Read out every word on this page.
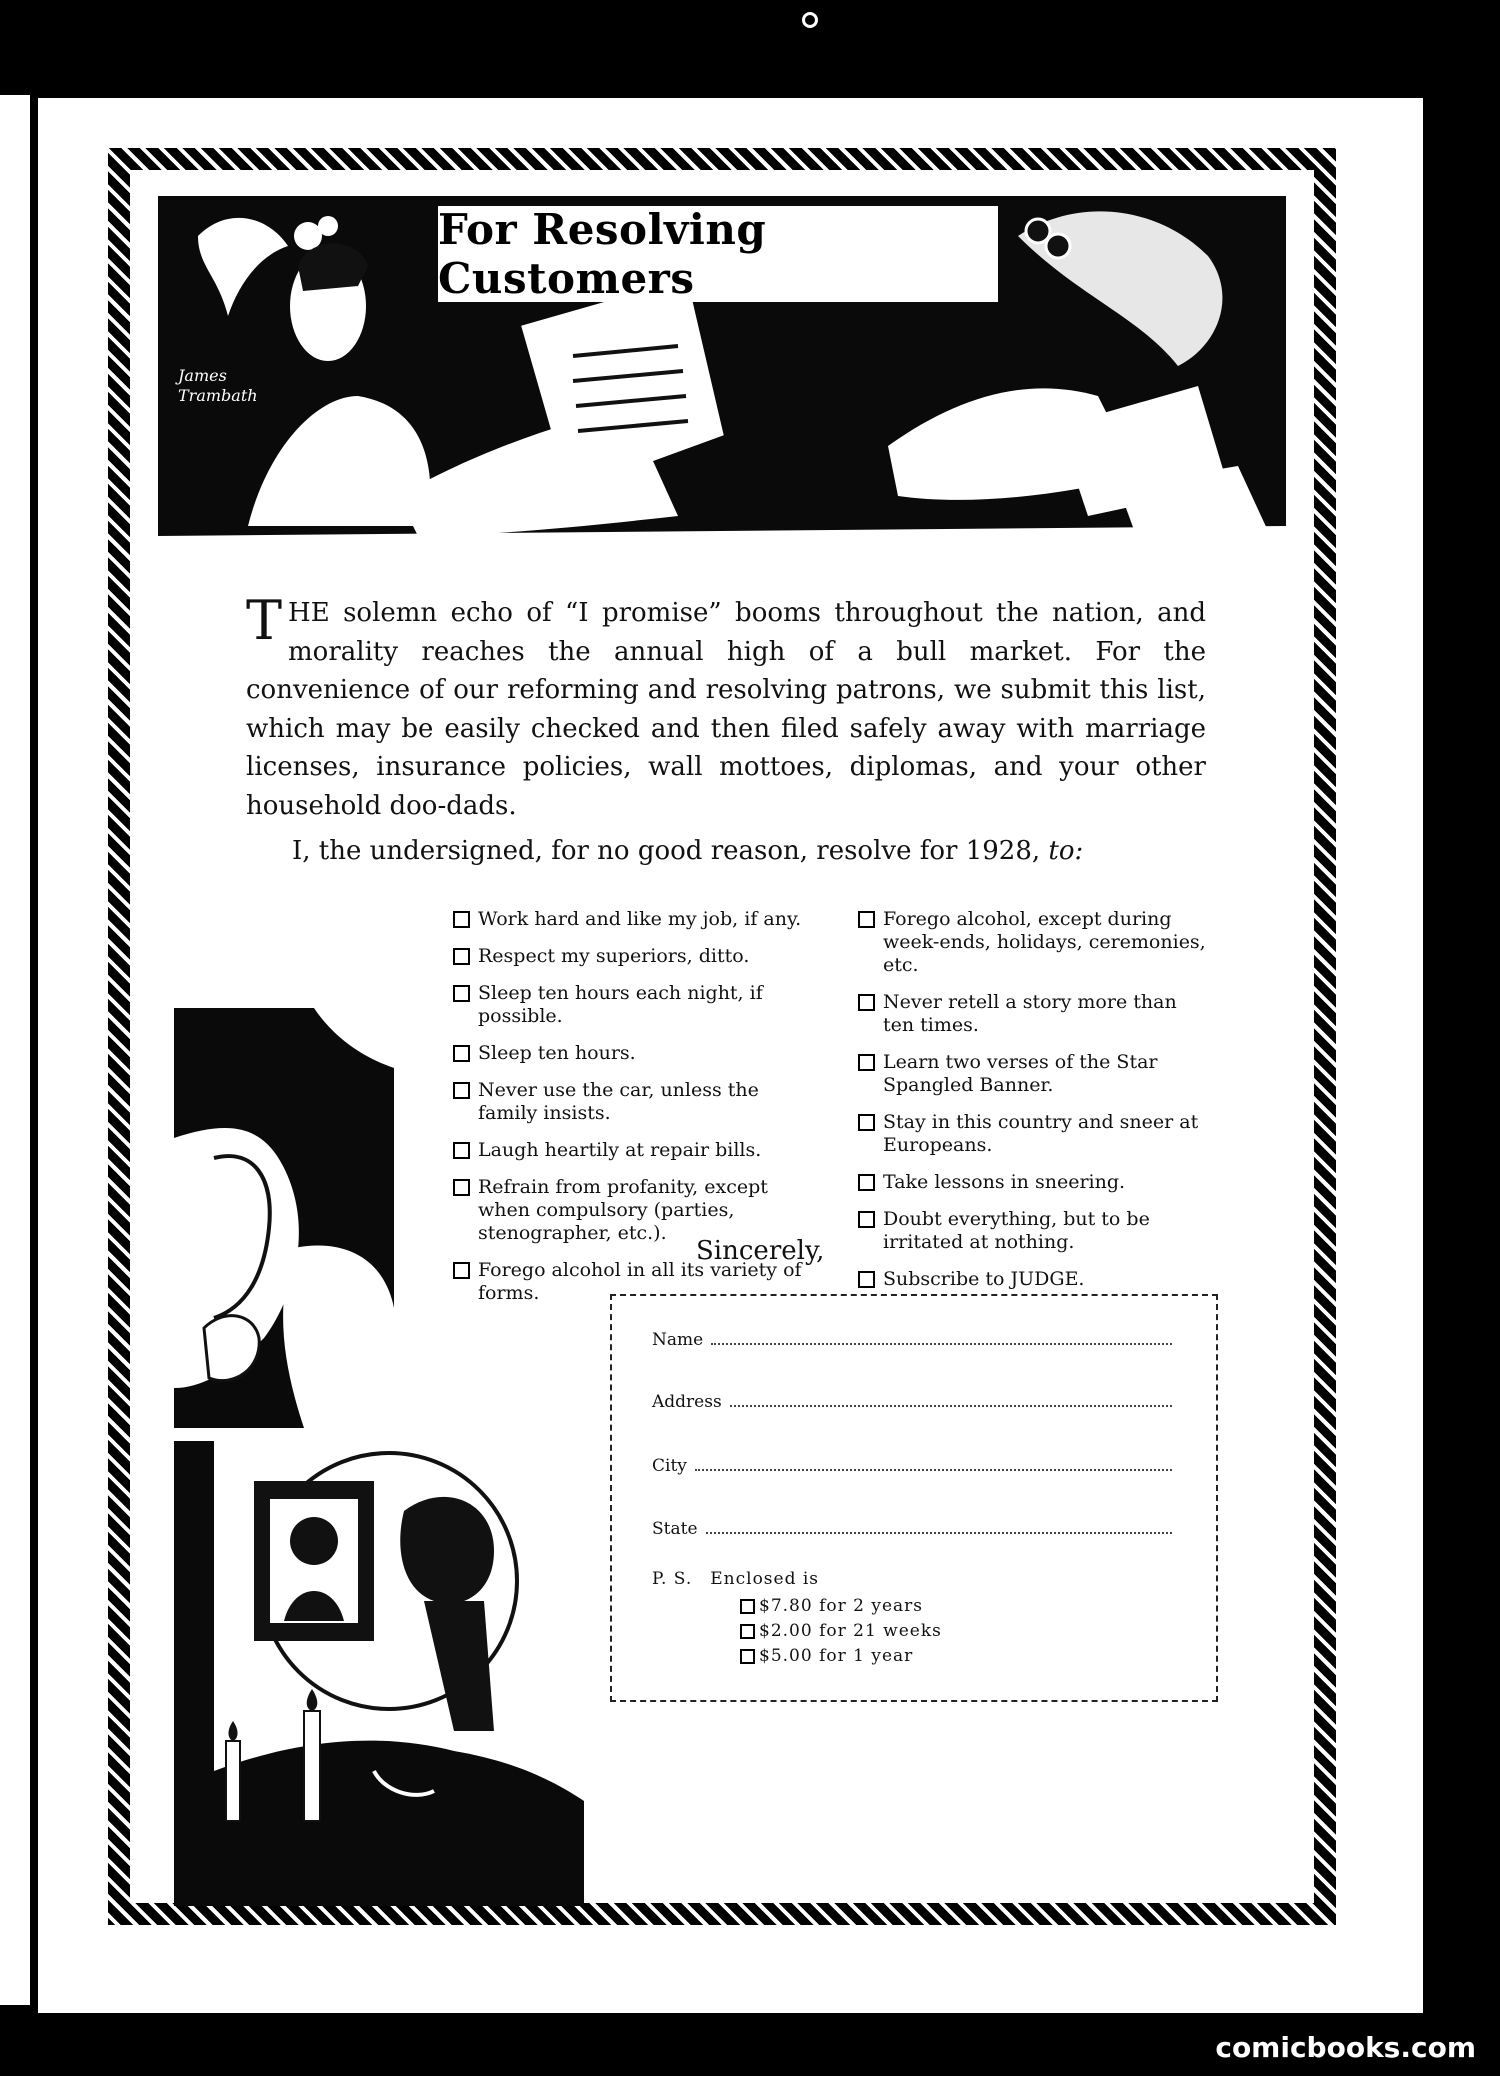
James
Trambath
For Resolving Customers
THE solemn echo of “I promise” booms throughout the nation, and morality reaches the annual high of a bull market. For the convenience of our reforming and resolving patrons, we submit this list, which may be easily checked and then filed safely away with marriage licenses, insurance policies, wall mottoes, diplomas, and your other household doo-dads.
I, the undersigned, for no good reason, resolve for 1928, to:
Work hard and like my job, if any.
Respect my superiors, ditto.
Sleep ten hours each night, if possible.
Sleep ten hours.
Never use the car, unless the family insists.
Laugh heartily at repair bills.
Refrain from profanity, except when compulsory (parties, stenographer, etc.).
Forego alcohol in all its variety of forms.
Forego alcohol, except during week-ends, holidays, ceremonies, etc.
Never retell a story more than ten times.
Learn two verses of the Star Spangled Banner.
Stay in this country and sneer at Europeans.
Take lessons in sneering.
Doubt everything, but to be irritated at nothing.
Subscribe to JUDGE.
Sincerely,
Name
Address
City
State
P. S. Enclosed is
$7.80 for 2 years
$2.00 for 21 weeks
$5.00 for 1 year
comicbooks.com
